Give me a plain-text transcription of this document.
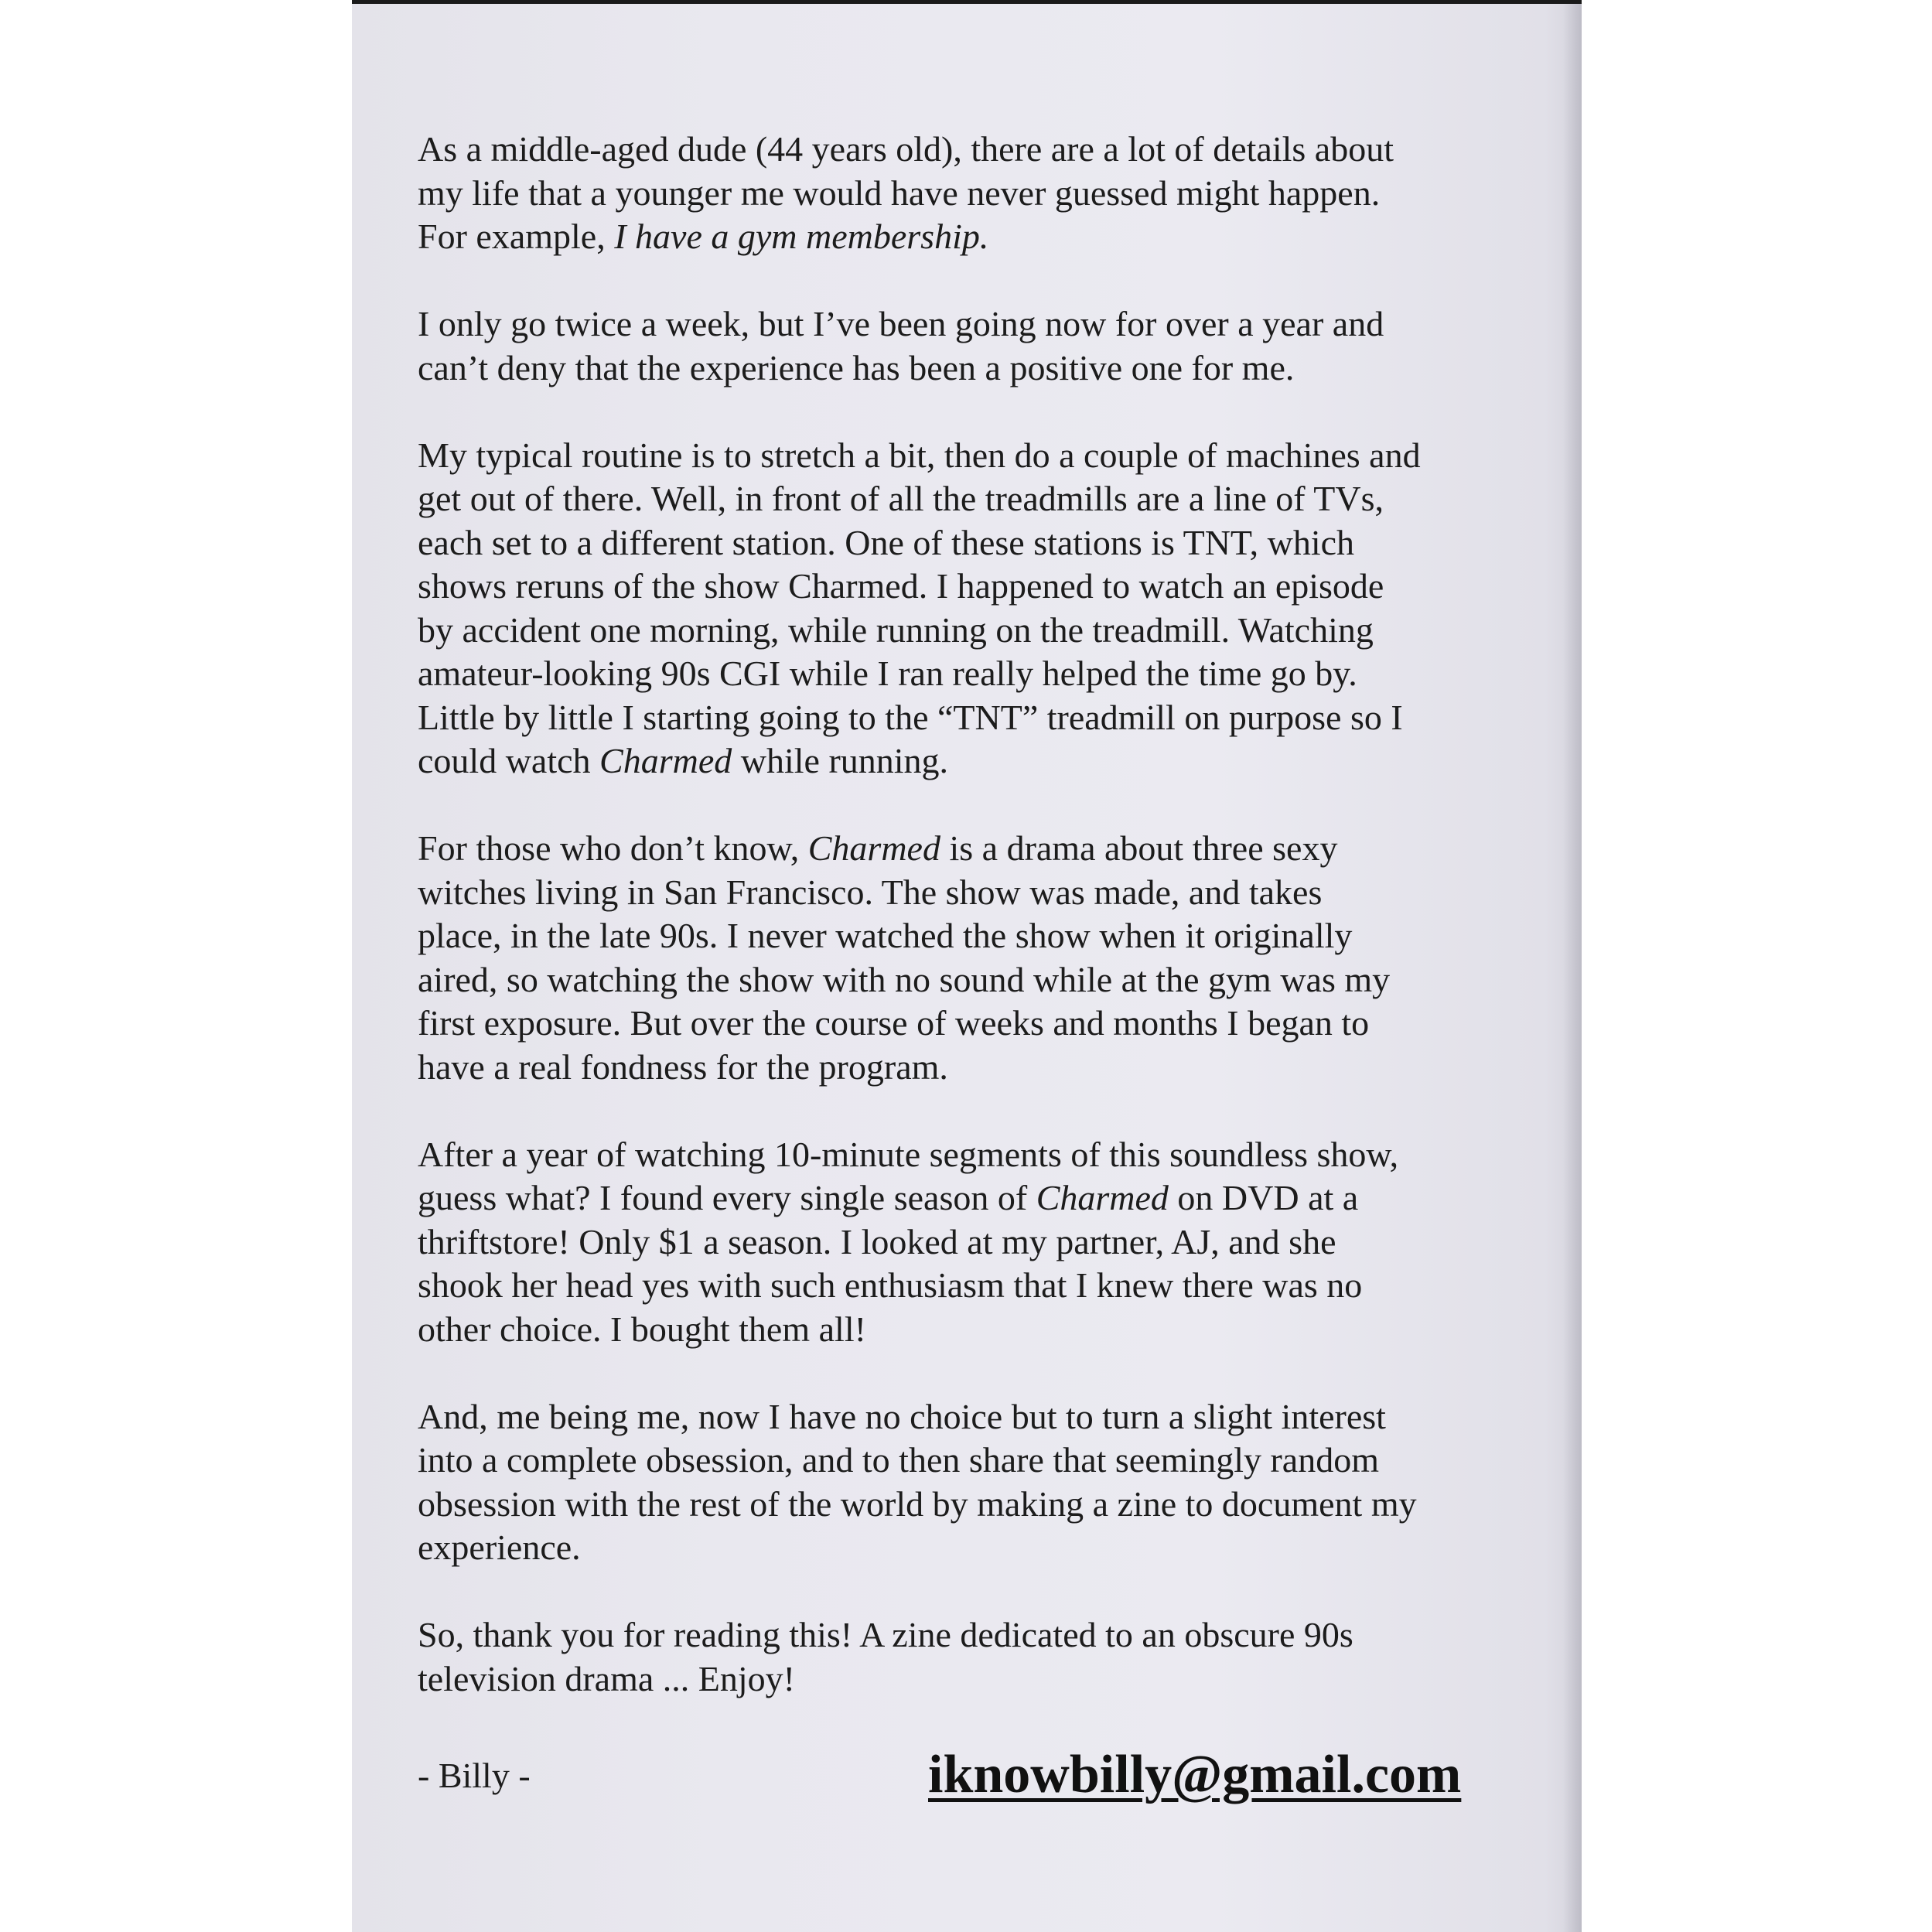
As a middle-aged dude (44 years old), there are a lot of details about
my life that a younger me would have never guessed might happen.
For example, I have a gym membership.

I only go twice a week, but I’ve been going now for over a year and
can’t deny that the experience has been a positive one for me.

My typical routine is to stretch a bit, then do a couple of machines and
get out of there. Well, in front of all the treadmills are a line of TVs,
each set to a different station. One of these stations is TNT, which
shows reruns of the show Charmed. I happened to watch an episode
by accident one morning, while running on the treadmill. Watching
amateur-looking 90s CGI while I ran really helped the time go by.
Little by little I starting going to the “TNT” treadmill on purpose so I
could watch Charmed while running.

For those who don’t know, Charmed is a drama about three sexy
witches living in San Francisco. The show was made, and takes
place, in the late 90s. I never watched the show when it originally
aired, so watching the show with no sound while at the gym was my
first exposure. But over the course of weeks and months I began to
have a real fondness for the program.

After a year of watching 10-minute segments of this soundless show,
guess what? I found every single season of Charmed on DVD at a
thriftstore! Only $1 a season. I looked at my partner, AJ, and she
shook her head yes with such enthusiasm that I knew there was no
other choice. I bought them all!

And, me being me, now I have no choice but to turn a slight interest
into a complete obsession, and to then share that seemingly random
obsession with the rest of the world by making a zine to document my
experience.

So, thank you for reading this! A zine dedicated to an obscure 90s
television drama ... Enjoy!

- Billy -	iknowbilly@gmail.com
